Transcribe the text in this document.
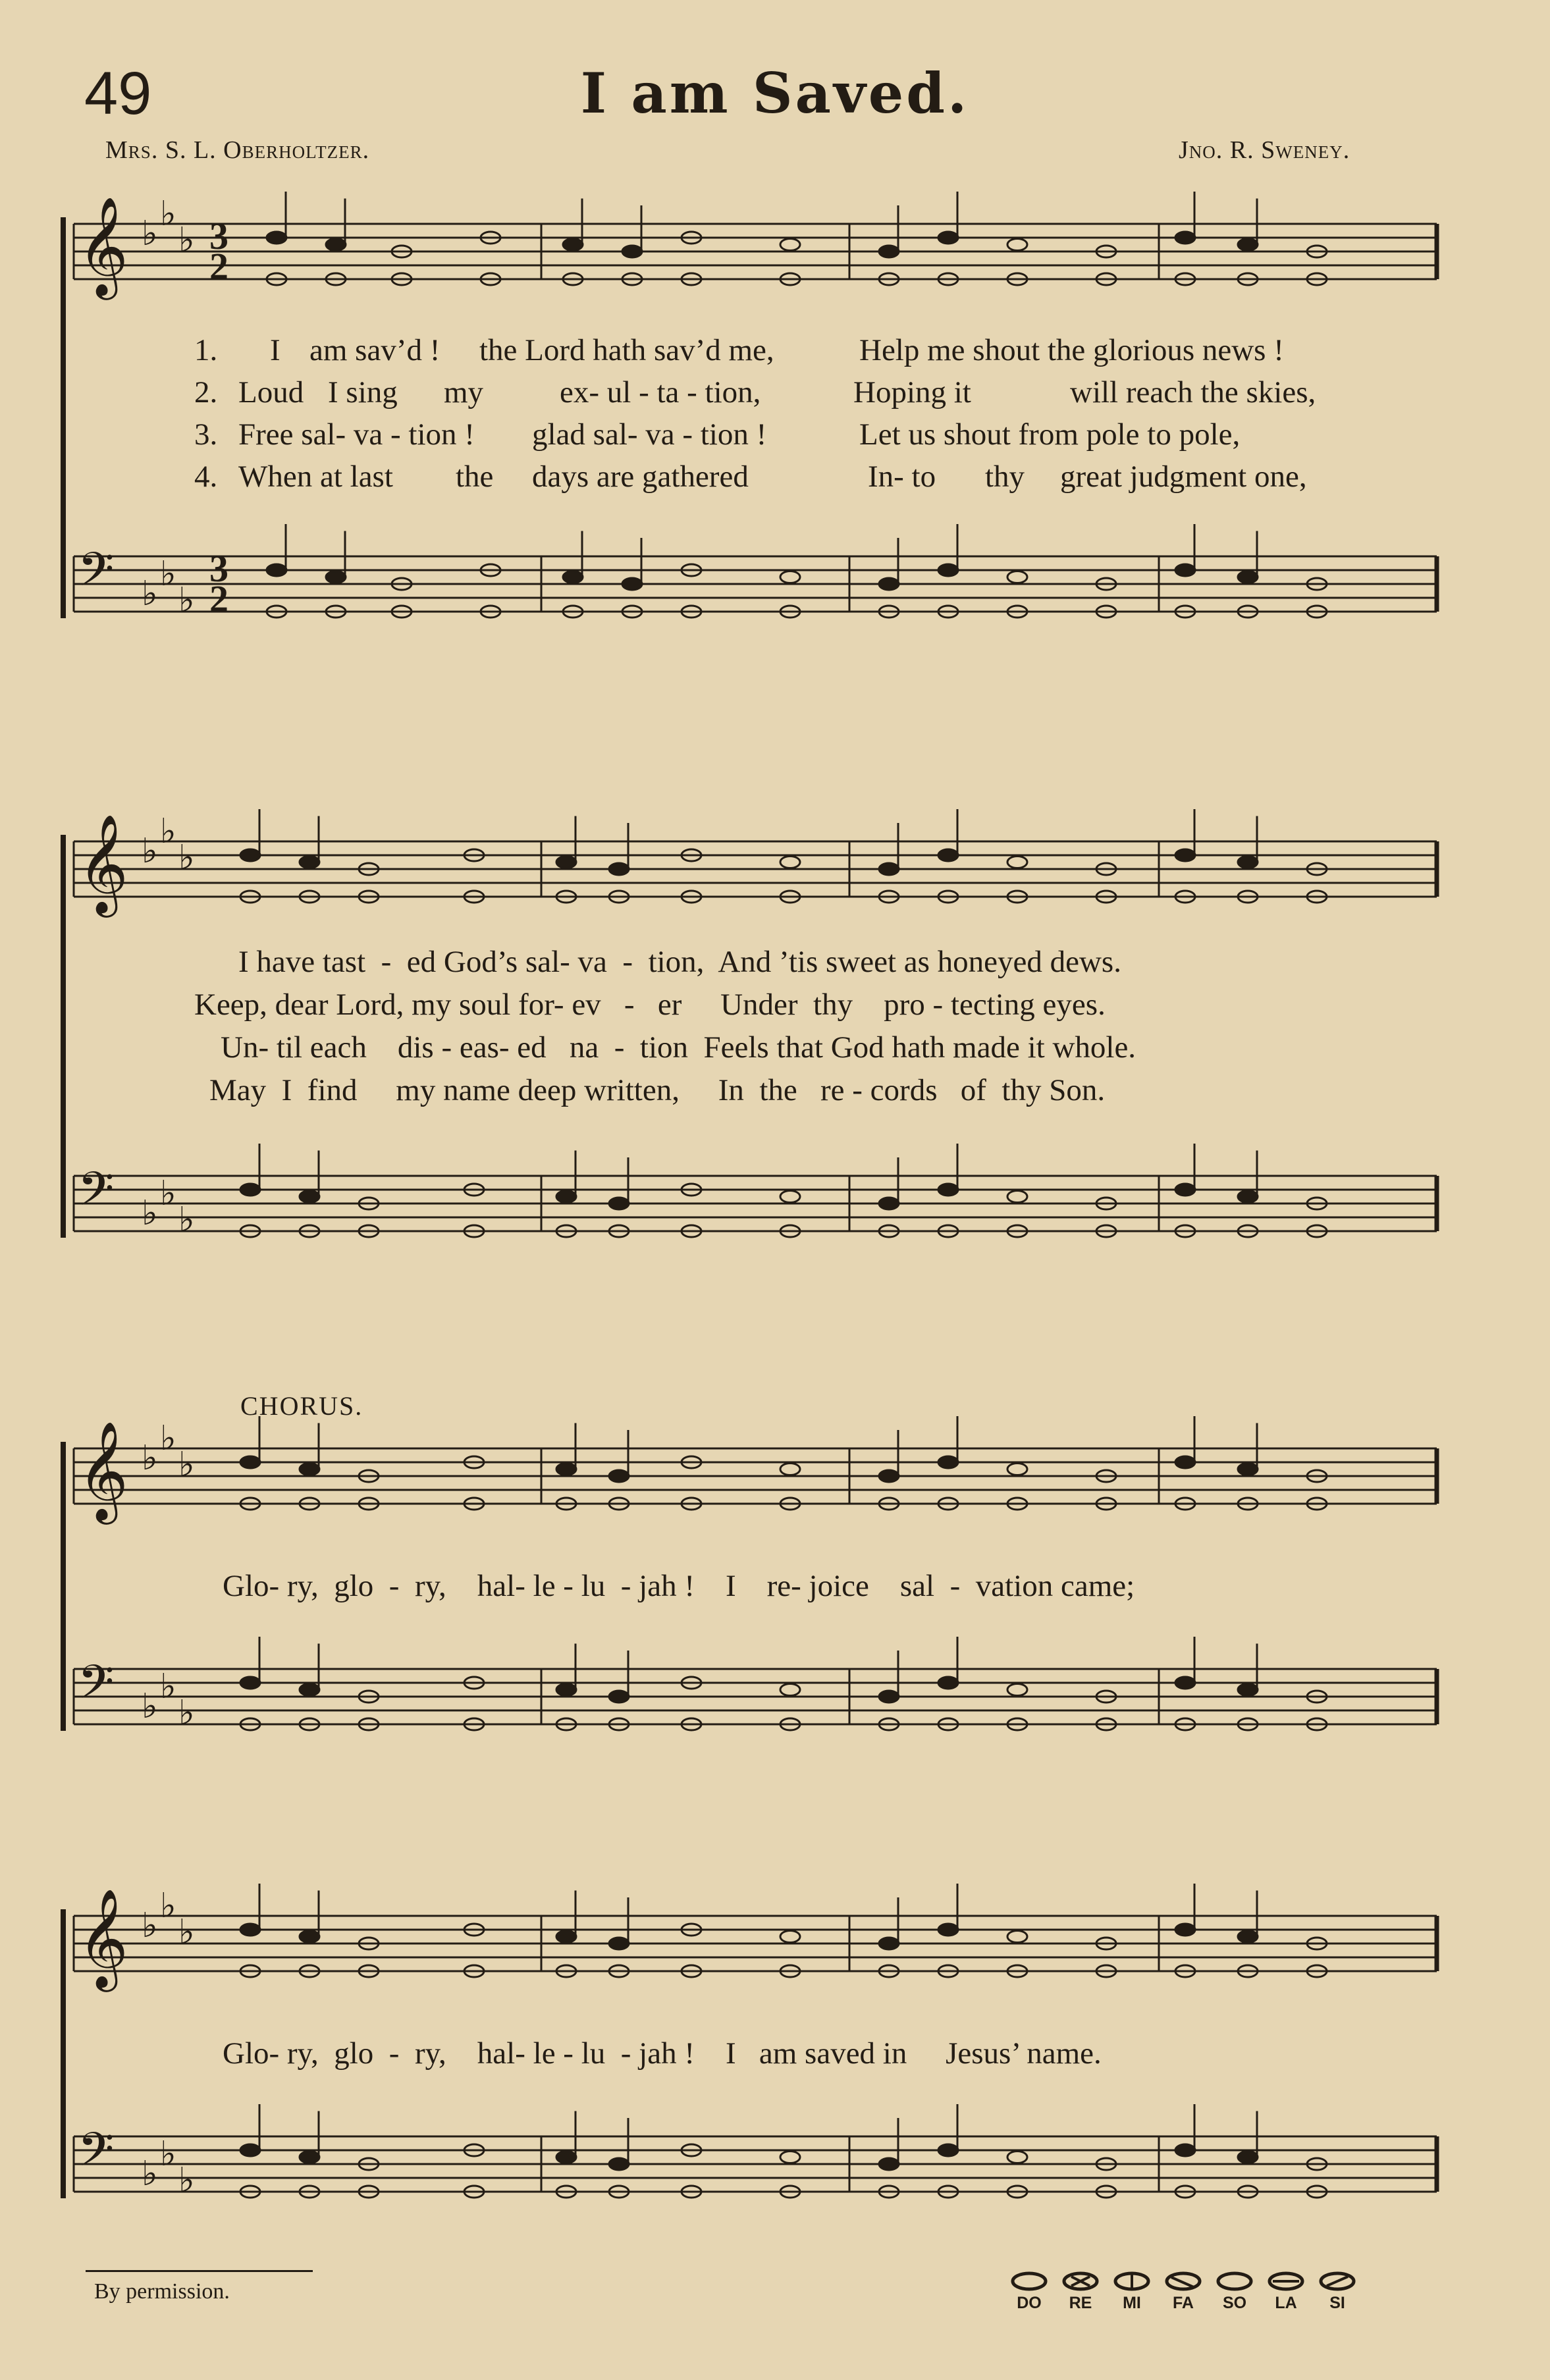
49	I am Saved.
Mrs. S. L. Oberholtzer.	Jno. R. Sweney.
1. I am sav’d ! the Lord hath sav’d me,	Help me shout the glorious news !
2. Loud I sing my ex- ul - ta - tion,	Hoping it	will reach the skies,
3. Free sal- va - tion ! glad sal- va - tion !	Let us shout from pole to pole,
4. When at last the days are gathered	In- to thy great judgment one,
I have tast  -  ed God’s sal- va  -  tion,  And ’tis sweet as honeyed dews.
Keep, dear Lord, my soul for- ev   -   er     Under  thy    pro - tecting eyes.
Un- til each    dis - eas- ed   na  -  tion  Feels that God hath made it whole.
May  I  find     my name deep written,     In  the   re - cords   of  thy Son.
CHORUS.
Glo- ry,  glo  -  ry,    hal- le - lu  - jah !    I    re- joice    sal  -  vation came;
Glo- ry,  glo  -  ry,    hal- le - lu  - jah !    I   am saved in     Jesus’ name.
By permission.	DO	RE	MI	FA	SO	LA	SI
𝄞 ♭ ♭
♭ 3
2
𝄢 ♭ ♭
♭
3
2
𝄞 ♭ ♭
♭
𝄢 ♭ ♭
♭
𝄞 ♭ ♭
♭
𝄢 ♭ ♭
♭
𝄞 ♭ ♭
♭
𝄢 ♭ ♭
♭
